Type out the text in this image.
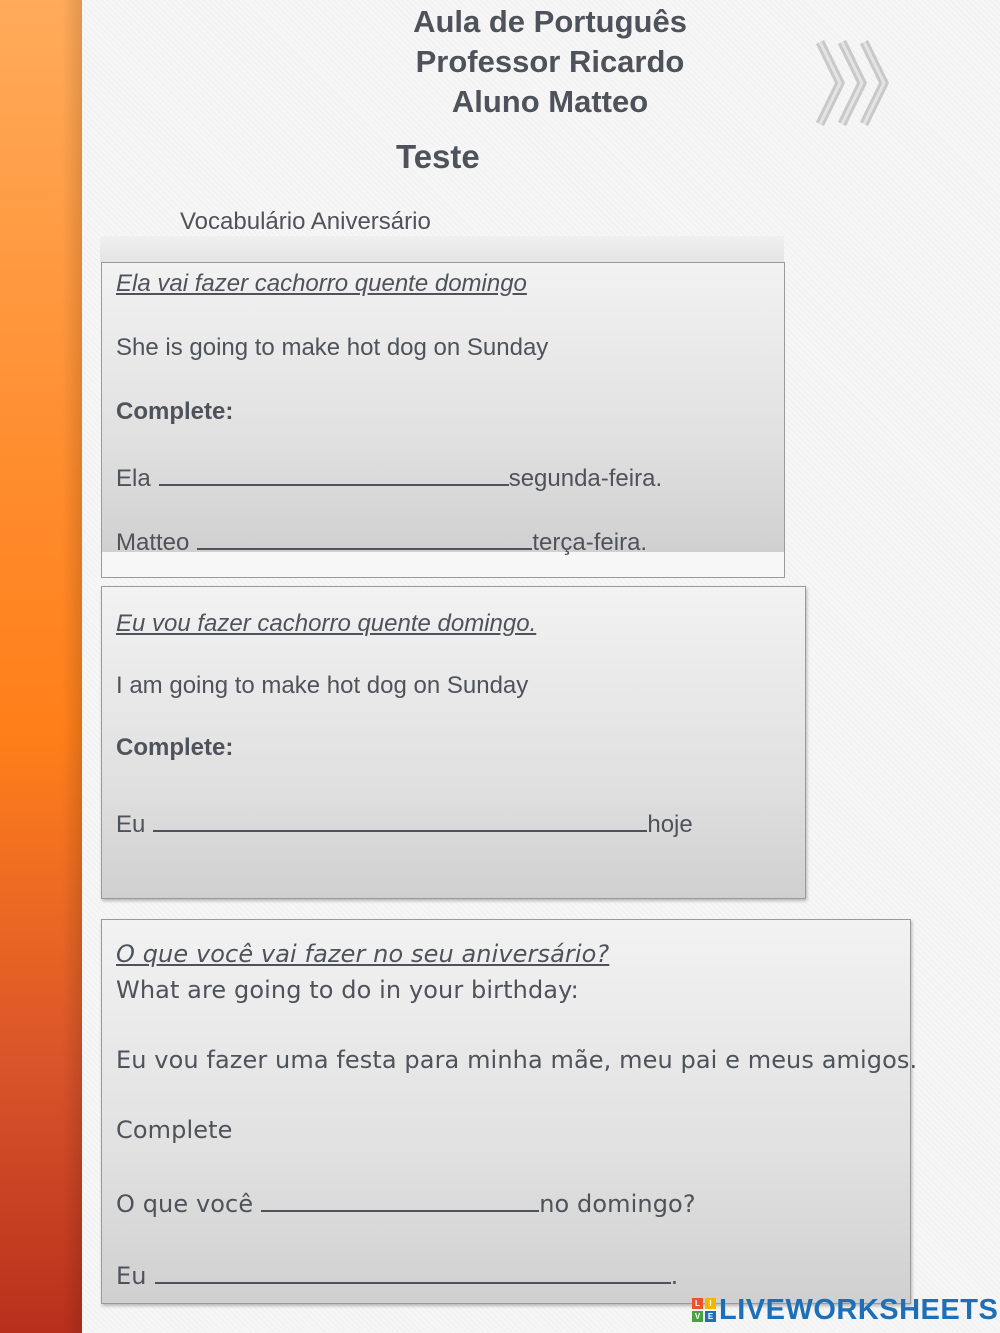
Aula de Português
Professor Ricardo
Aluno Matteo
Teste
Vocabulário Aniversário
Ela vai fazer cachorro quente domingo
She is going to make hot dog on Sunday
Complete:
Ela	segunda-feira.
Matteo	terça-feira.
Eu vou fazer cachorro quente domingo.
I am going to make hot dog on Sunday
Complete:
Eu	hoje
O que você vai fazer no seu aniversário?
What are going to do in your birthday:
Eu vou fazer uma festa para minha mãe, meu pai e meus amigos.
Complete
O que você	no domingo?
Eu	.
L	I
V E LIVEWORKSHEETS
